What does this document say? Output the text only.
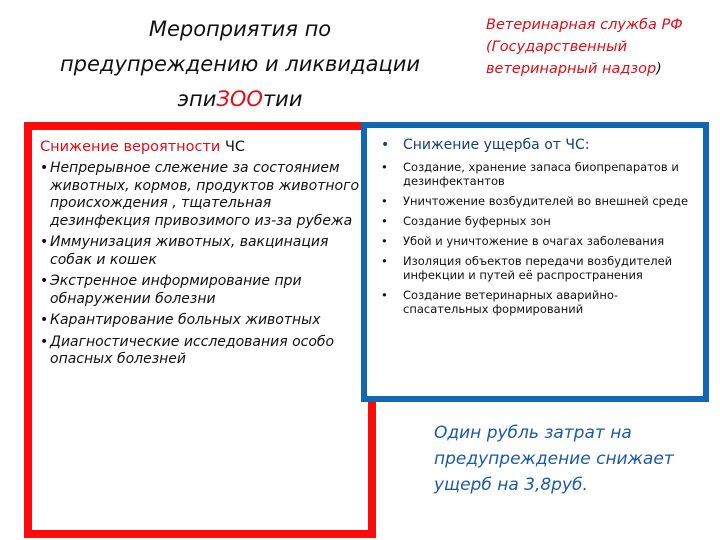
Мероприятия по
предупреждению и ликвидации
эпиЗООтии
Ветеринарная служба РФ (Государственный ветеринарный надзор)
Снижение вероятности ЧС
• Непрерывное слежение за состоянием животных, кормов, продуктов животного происхождения , тщательная дезинфекция привозимого из-за рубежа
• Иммунизация животных, вакцинация собак и кошек
• Экстренное информирование при обнаружении болезни
• Карантирование больных животных
• Диагностические исследования особо опасных болезней
• Снижение ущерба от ЧС:
• Создание, хранение запаса биопрепаратов и дезинфектантов
• Уничтожение возбудителей во внешней среде
• Создание буферных зон
• Убой и уничтожение в очагах заболевания
• Изоляция объектов передачи возбудителей инфекции и путей её распространения
• Создание ветеринарных аварийно-спасательных формирований
Один рубль затрат на предупреждение снижает ущерб на 3,8руб.
